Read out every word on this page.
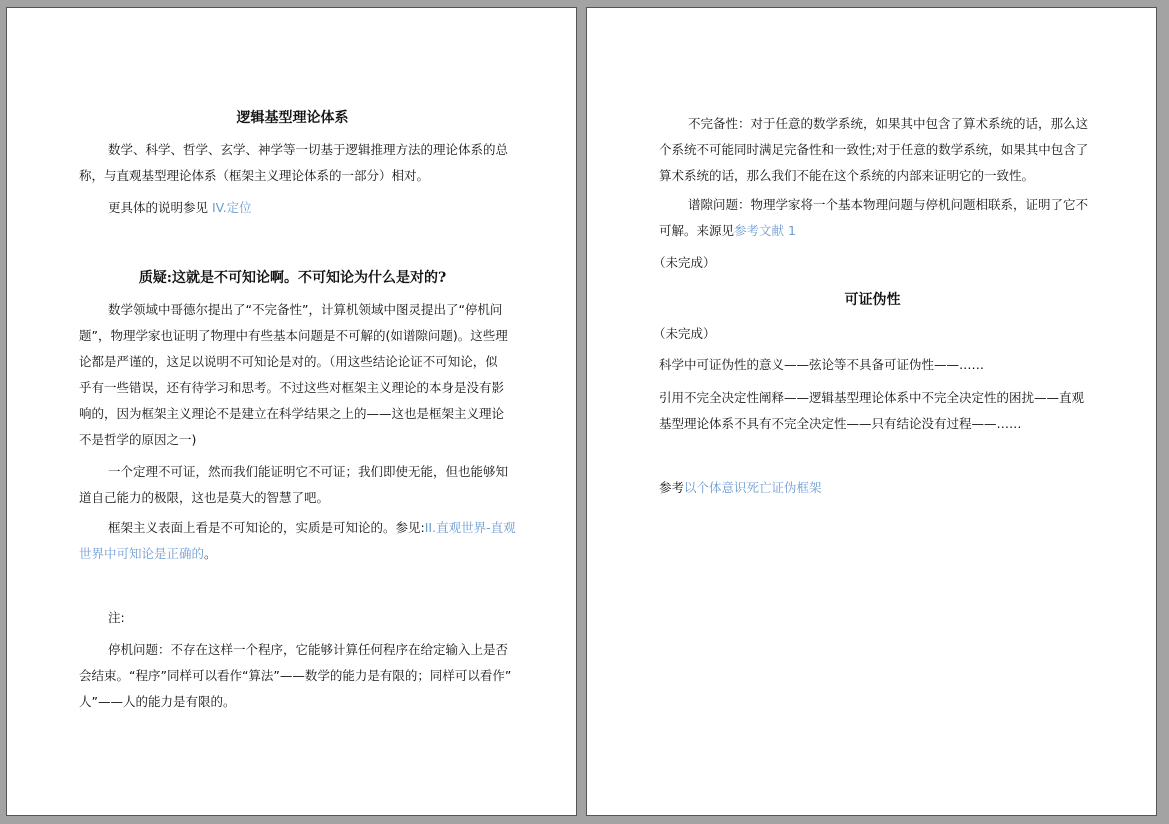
逻辑基型理论体系
数学、科学、哲学、玄学、神学等一切基于逻辑推理方法的理论体系的总
称，与直观基型理论体系（框架主义理论体系的一部分）相对。
更具体的说明参见 IV.定位
质疑:这就是不可知论啊。不可知论为什么是对的?
数学领域中哥德尔提出了“不完备性”，计算机领域中图灵提出了“停机问
题”，物理学家也证明了物理中有些基本问题是不可解的(如谱隙问题)。这些理
论都是严谨的，这足以说明不可知论是对的。（用这些结论论证不可知论，似
乎有一些错误，还有待学习和思考。不过这些对框架主义理论的本身是没有影
响的，因为框架主义理论不是建立在科学结果之上的——这也是框架主义理论
不是哲学的原因之一)
一个定理不可证，然而我们能证明它不可证；我们即使无能，但也能够知
道自己能力的极限，这也是莫大的智慧了吧。
框架主义表面上看是不可知论的，实质是可知论的。参见:II.直观世界-直观
世界中可知论是正确的。
注:
停机问题：不存在这样一个程序，它能够计算任何程序在给定输入上是否
会结束。“程序”同样可以看作“算法”——数学的能力是有限的；同样可以看作”
人”——人的能力是有限的。
不完备性：对于任意的数学系统，如果其中包含了算术系统的话，那么这
个系统不可能同时满足完备性和一致性;对于任意的数学系统，如果其中包含了
算术系统的话，那么我们不能在这个系统的内部来证明它的一致性。
谱隙问题：物理学家将一个基本物理问题与停机问题相联系，证明了它不
可解。来源见参考文献 1
（未完成）
可证伪性
（未完成）
科学中可证伪性的意义——弦论等不具备可证伪性——……
引用不完全决定性阐释——逻辑基型理论体系中不完全决定性的困扰——直观
基型理论体系不具有不完全决定性——只有结论没有过程——……
参考以个体意识死亡证伪框架
